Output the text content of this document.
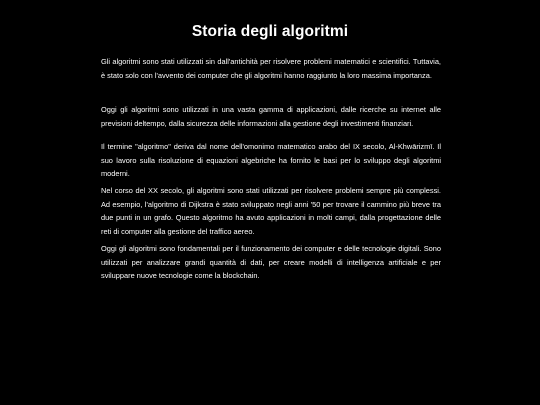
Storia degli algoritmi

Gli algoritmi sono stati utilizzati sin dall'antichità per risolvere problemi matematici e scientifici. Tuttavia, è stato solo con l'avvento dei computer che gli algoritmi hanno raggiunto la loro massima importanza.

Oggi gli algoritmi sono utilizzati in una vasta gamma di applicazioni, dalle ricerche su internet alle previsioni deltempo, dalla sicurezza delle informazioni alla gestione degli investimenti finanziari.

Il termine "algoritmo" deriva dal nome dell'omonimo matematico arabo del IX secolo, Al-Khwārizmī. Il suo lavoro sulla risoluzione di equazioni algebriche ha fornito le basi per lo sviluppo degli algoritmi moderni.

Nel corso del XX secolo, gli algoritmi sono stati utilizzati per risolvere problemi sempre più complessi. Ad esempio, l'algoritmo di Dijkstra è stato sviluppato negli anni '50 per trovare il cammino più breve tra due punti in un grafo. Questo algoritmo ha avuto applicazioni in molti campi, dalla progettazione delle reti di computer alla gestione del traffico aereo.

Oggi gli algoritmi sono fondamentali per il funzionamento dei computer e delle tecnologie digitali. Sono utilizzati per analizzare grandi quantità di dati, per creare modelli di intelligenza artificiale e per sviluppare nuove tecnologie come la blockchain.
